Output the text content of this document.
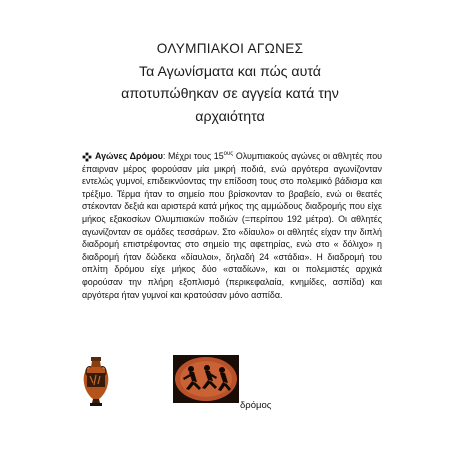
ΟΛΥΜΠΙΑΚΟΙ ΑΓΩΝΕΣ
Τα Αγωνίσματα και πώς αυτά
αποτυπώθηκαν σε αγγεία κατά την
αρχαιότητα
Αγώνες Δρόμου: Μέχρι τους $15^{o\upsilon\varsigma}$ Ολυμπιακούς αγώνες οι αθλητές που έπαιρναν μέρος φορούσαν μία μικρή ποδιά, ενώ αργότερα αγωνίζονταν εντελώς γυμνοί, επιδεικνύοντας την επίδοση τους στο πολεμικό βάδισμα και τρέξιμο. Τέρμα ήταν το σημείο που βρίσκονταν το βραβείο, ενώ οι θεατές στέκονταν δεξιά και αριστερά κατά μήκος της αμμώδους διαδρομής που είχε μήκος εξακοσίων Ολυμπιακών ποδιών (=περίπου 192 μέτρα). Οι αθλητές αγωνίζονταν σε ομάδες τεσσάρων. Στο «δίαυλο» οι αθλητές είχαν την διπλή διαδρομή επιστρέφοντας στο σημείο της αφετηρίας, ενώ στο « δόλιχο» η διαδρομή ήταν δώδεκα «δίαυλοι», δηλαδή 24 «στάδια». Η διαδρομή του οπλίτη δρόμου είχε μήκος δύο «σταδίων», και οι πολεμιστές αρχικά φορούσαν την πλήρη εξοπλισμό (περικεφαλαία, κνημίδες, ασπίδα) και αργότερα ήταν γυμνοί και κρατούσαν μόνο ασπίδα.
δρόμος
